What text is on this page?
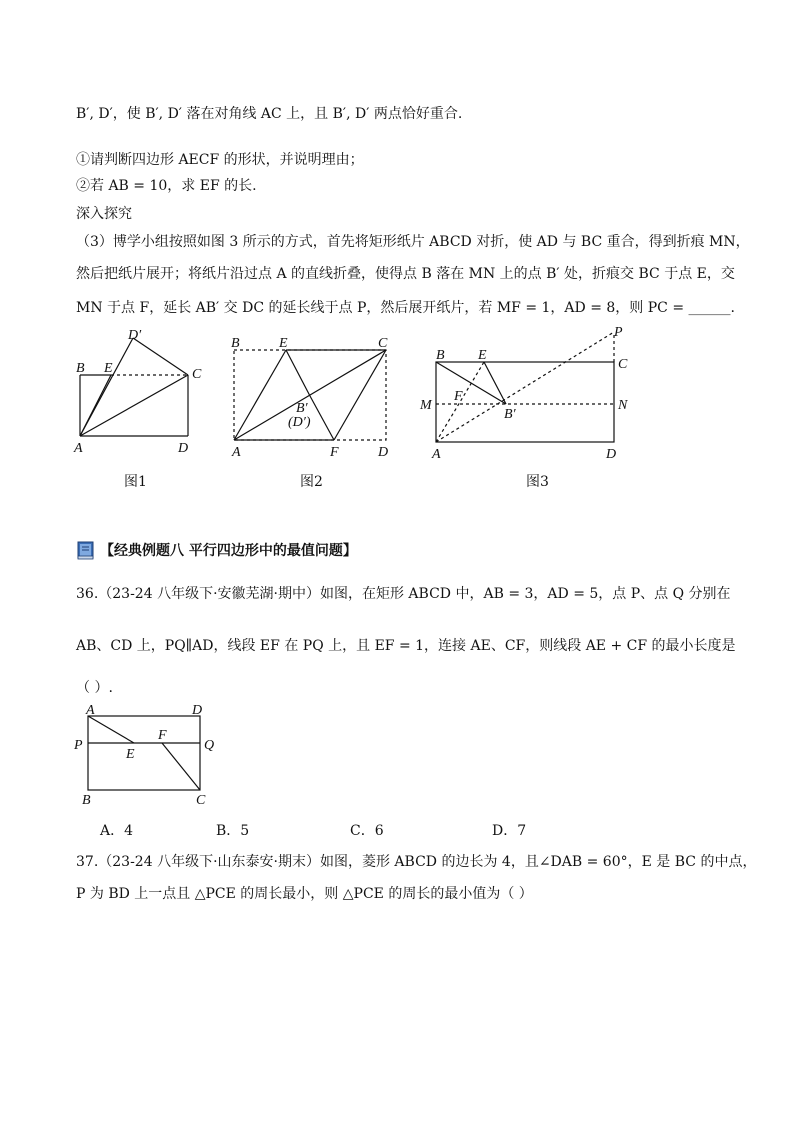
B′, D′，使 B′, D′ 落在对角线 AC 上，且 B′, D′ 两点恰好重合.
①请判断四边形 AECF 的形状，并说明理由；
②若 AB = 10，求 EF 的长.
深入探究
（3）博学小组按照如图 3 所示的方式，首先将矩形纸片 ABCD 对折，使 AD 与 BC 重合，得到折痕 MN，
然后把纸片展开；将纸片沿过点 A 的直线折叠，使得点 B 落在 MN 上的点 B′ 处，折痕交 BC 于点 E，交
MN 于点 F，延长 AB′ 交 DC 的延长线于点 P，然后展开纸片，若 MF = 1，AD = 8，则 PC = ______.
D′
B E	C
A	D
图1
B	E	C
B′
(D′)
A	F	D
图2
P
B E
C
M
F
B′
N
A	D
图3
【经典例题八 平行四边形中的最值问题】
36.（23-24 八年级下·安徽芜湖·期中）如图，在矩形 ABCD 中，AB = 3，AD = 5，点 P、点 Q 分别在
AB、CD 上，PQ∥AD，线段 EF 在 PQ 上，且 EF = 1，连接 AE、CF，则线段 AE + CF 的最小长度是
（ ）.
A	D
P
F
Q
E
B	C
A．4	B．5	C．6	D．7
37.（23-24 八年级下·山东泰安·期末）如图，菱形 ABCD 的边长为 4，且∠DAB = 60°，E 是 BC 的中点，
P 为 BD 上一点且 △PCE 的周长最小，则 △PCE 的周长的最小值为（ ）
